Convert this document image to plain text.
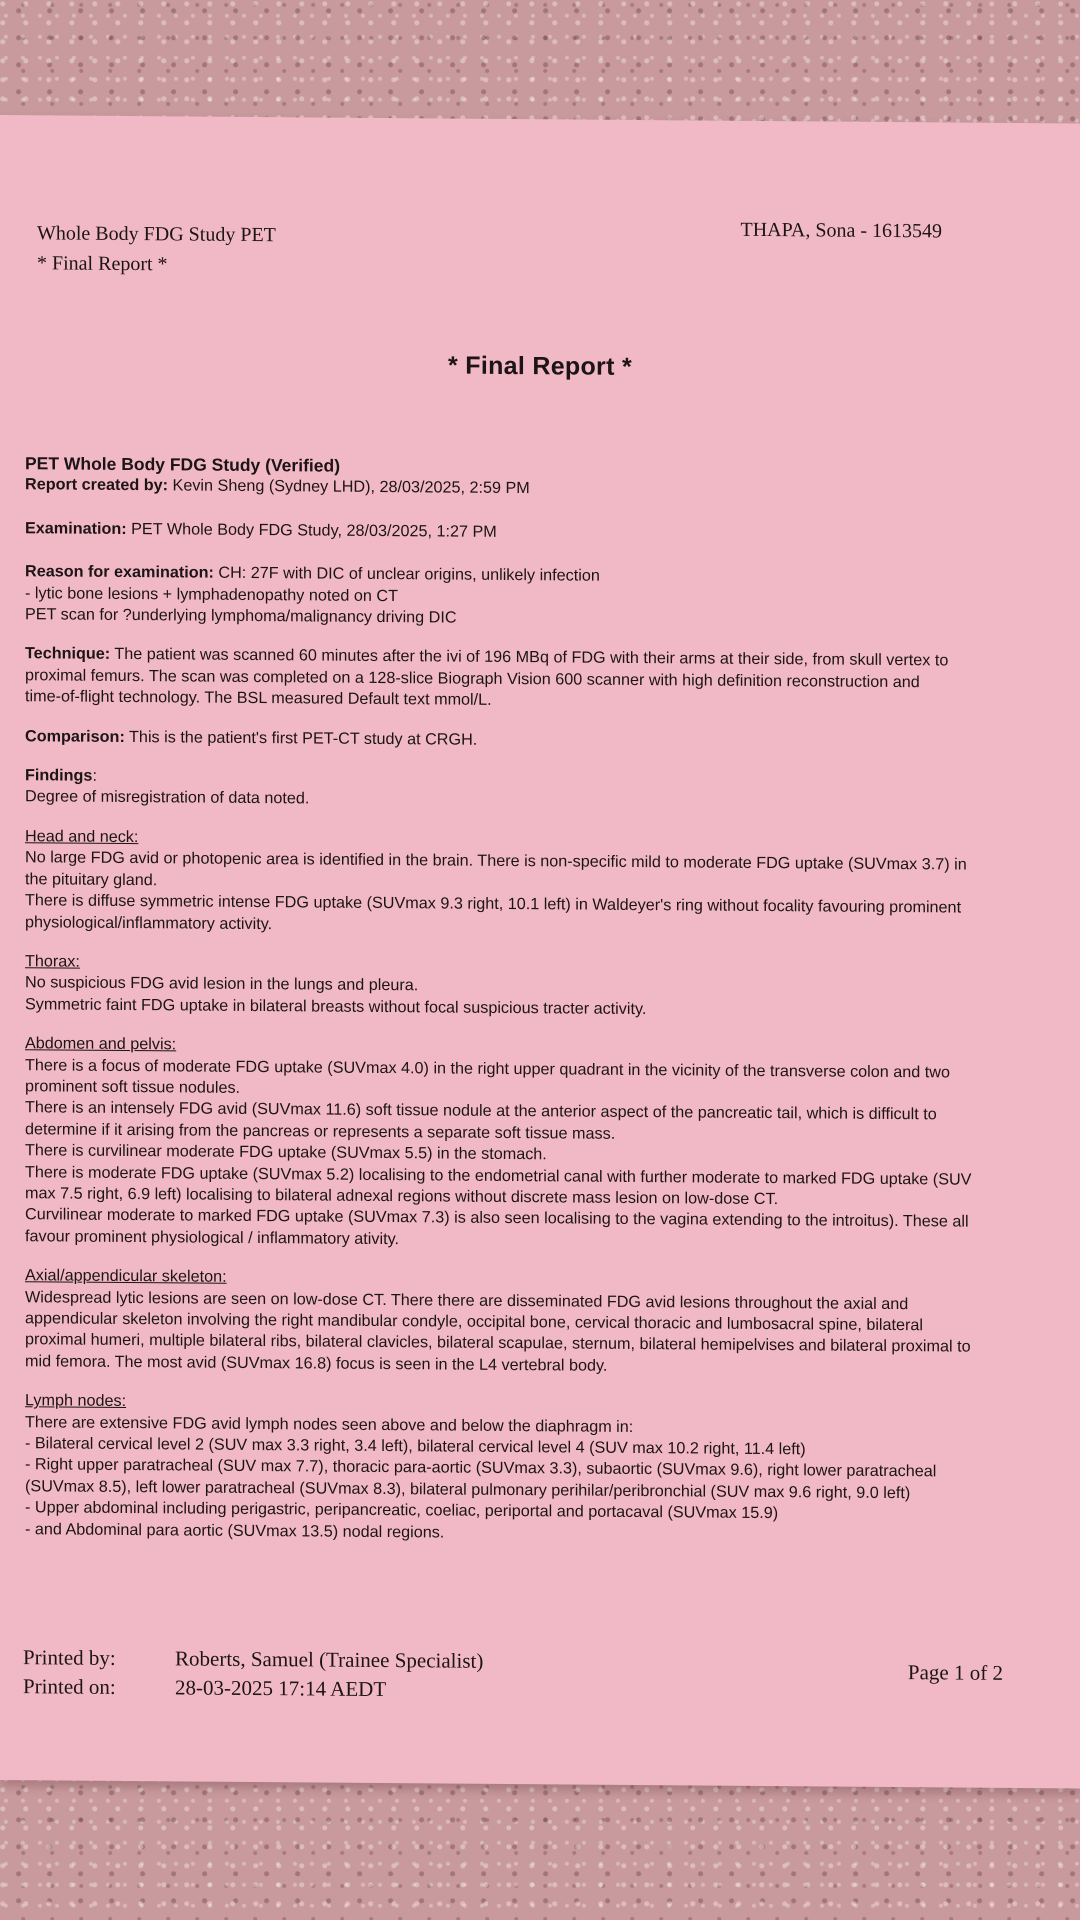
Whole Body FDG Study PET
* Final Report *
THAPA, Sona - 1613549
* Final Report *

PET Whole Body FDG Study (Verified)

Report created by: Kevin Sheng (Sydney LHD), 28/03/2025, 2:59 PM

Examination: PET Whole Body FDG Study, 28/03/2025, 1:27 PM

Reason for examination: CH: 27F with DIC of unclear origins, unlikely infection

- lytic bone lesions + lymphadenopathy noted on CT
PET scan for ?underlying lymphoma/malignancy driving DIC

Technique: The patient was scanned 60 minutes after the ivi of 196 MBq of FDG with their arms at their side, from skull vertex to

proximal femurs. The scan was completed on a 128-slice Biograph Vision 600 scanner with high definition reconstruction and
time-of-flight technology. The BSL measured Default text mmol/L.

Comparison: This is the patient's first PET-CT study at CRGH.

Findings:

Degree of misregistration of data noted.

Head and neck:

No large FDG avid or photopenic area is identified in the brain. There is non-specific mild to moderate FDG uptake (SUVmax 3.7) in
the pituitary gland.
There is diffuse symmetric intense FDG uptake (SUVmax 9.3 right, 10.1 left) in Waldeyer's ring without focality favouring prominent
physiological/inflammatory activity.

Thorax:

No suspicious FDG avid lesion in the lungs and pleura.
Symmetric faint FDG uptake in bilateral breasts without focal suspicious tracter activity.

Abdomen and pelvis:

There is a focus of moderate FDG uptake (SUVmax 4.0) in the right upper quadrant in the vicinity of the transverse colon and two
prominent soft tissue nodules.
There is an intensely FDG avid (SUVmax 11.6) soft tissue nodule at the anterior aspect of the pancreatic tail, which is difficult to
determine if it arising from the pancreas or represents a separate soft tissue mass.
There is curvilinear moderate FDG uptake (SUVmax 5.5) in the stomach.
There is moderate FDG uptake (SUVmax 5.2) localising to the endometrial canal with further moderate to marked FDG uptake (SUV
max 7.5 right, 6.9 left) localising to bilateral adnexal regions without discrete mass lesion on low-dose CT.
Curvilinear moderate to marked FDG uptake (SUVmax 7.3) is also seen localising to the vagina extending to the introitus). These all
favour prominent physiological / inflammatory ativity.

Axial/appendicular skeleton:

Widespread lytic lesions are seen on low-dose CT. There there are disseminated FDG avid lesions throughout the axial and
appendicular skeleton involving the right mandibular condyle, occipital bone, cervical thoracic and lumbosacral spine, bilateral
proximal humeri, multiple bilateral ribs, bilateral clavicles, bilateral scapulae, sternum, bilateral hemipelvises and bilateral proximal to
mid femora. The most avid (SUVmax 16.8) focus is seen in the L4 vertebral body.

Lymph nodes:

There are extensive FDG avid lymph nodes seen above and below the diaphragm in:
- Bilateral cervical level 2 (SUV max 3.3 right, 3.4 left), bilateral cervical level 4 (SUV max 10.2 right, 11.4 left)
- Right upper paratracheal (SUV max 7.7), thoracic para-aortic (SUVmax 3.3), subaortic (SUVmax 9.6), right lower paratracheal
(SUVmax 8.5), left lower paratracheal (SUVmax 8.3), bilateral pulmonary perihilar/peribronchial (SUV max 9.6 right, 9.0 left)
- Upper abdominal including perigastric, peripancreatic, coeliac, periportal and portacaval (SUVmax 15.9)
- and Abdominal para aortic (SUVmax 13.5) nodal regions.
Printed by:	Roberts, Samuel (Trainee Specialist)
Printed on:	28-03-2025 17:14 AEDT
Page 1 of 2
